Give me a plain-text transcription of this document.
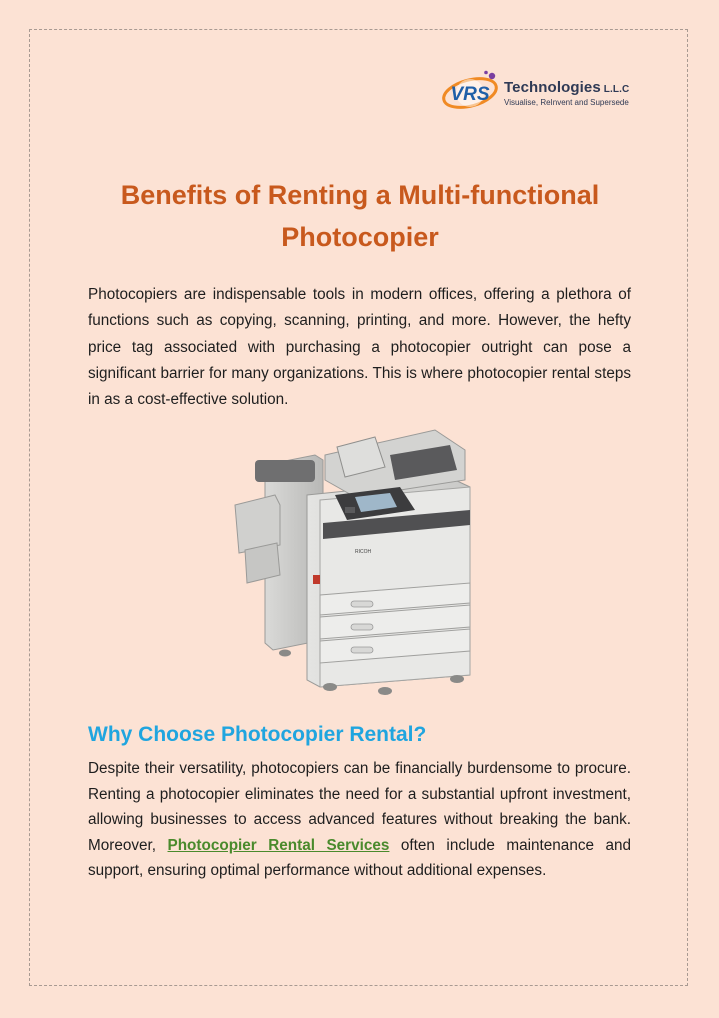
VRS Technologies L.L.C
Visualise, ReInvent and Supersede
Benefits of Renting a Multi-functional Photocopier

Photocopiers are indispensable tools in modern offices, offering a plethora of functions such as copying, scanning, printing, and more. However, the hefty price tag associated with purchasing a photocopier outright can pose a significant barrier for many organizations. This is where photocopier rental steps in as a cost-effective solution.

RICOH
Why Choose Photocopier Rental?

Despite their versatility, photocopiers can be financially burdensome to procure. Renting a photocopier eliminates the need for a substantial upfront investment, allowing businesses to access advanced features without breaking the bank. Moreover, Photocopier Rental Services often include maintenance and support, ensuring optimal performance without additional expenses.
